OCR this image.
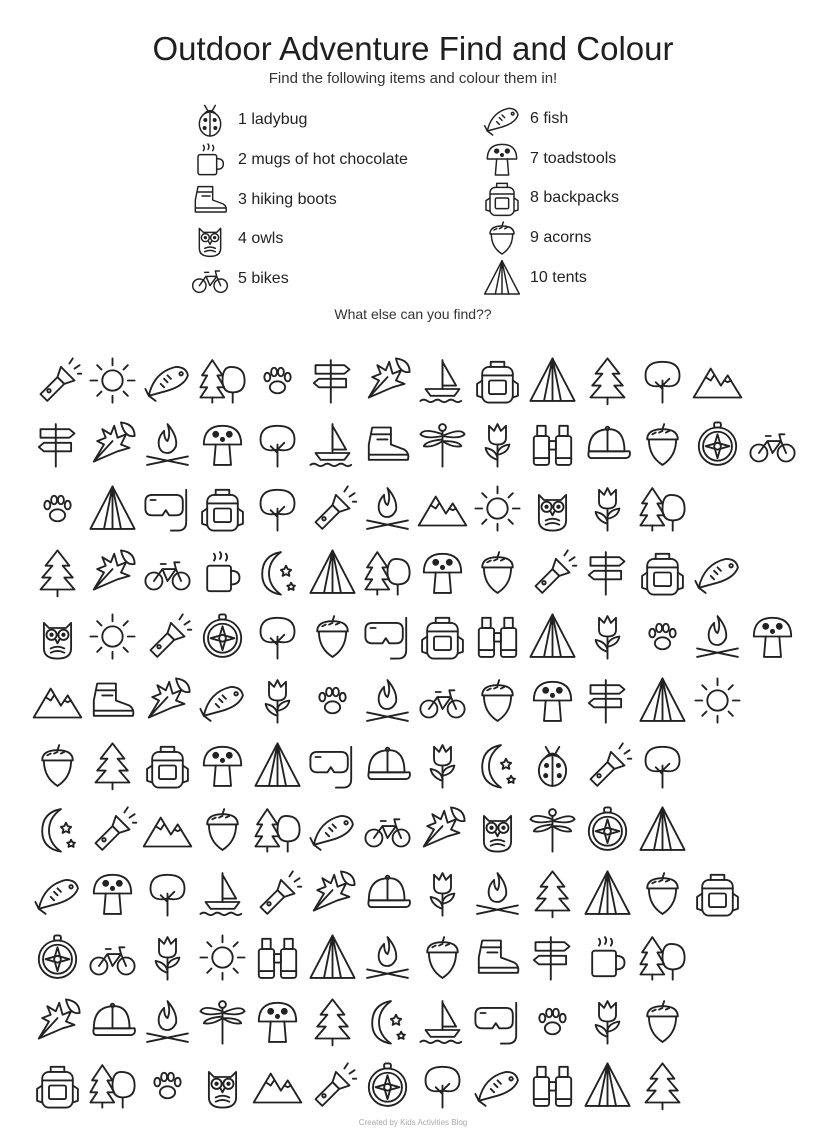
Outdoor Adventure Find and Colour
Find the following items and colour them in!
1 ladybug
2 mugs of hot chocolate
3 hiking boots
4 owls
5 bikes
6 fish
7 toadstools
8 backpacks
9 acorns
10 tents
What else can you find??
Created by Kids Activities Blog
